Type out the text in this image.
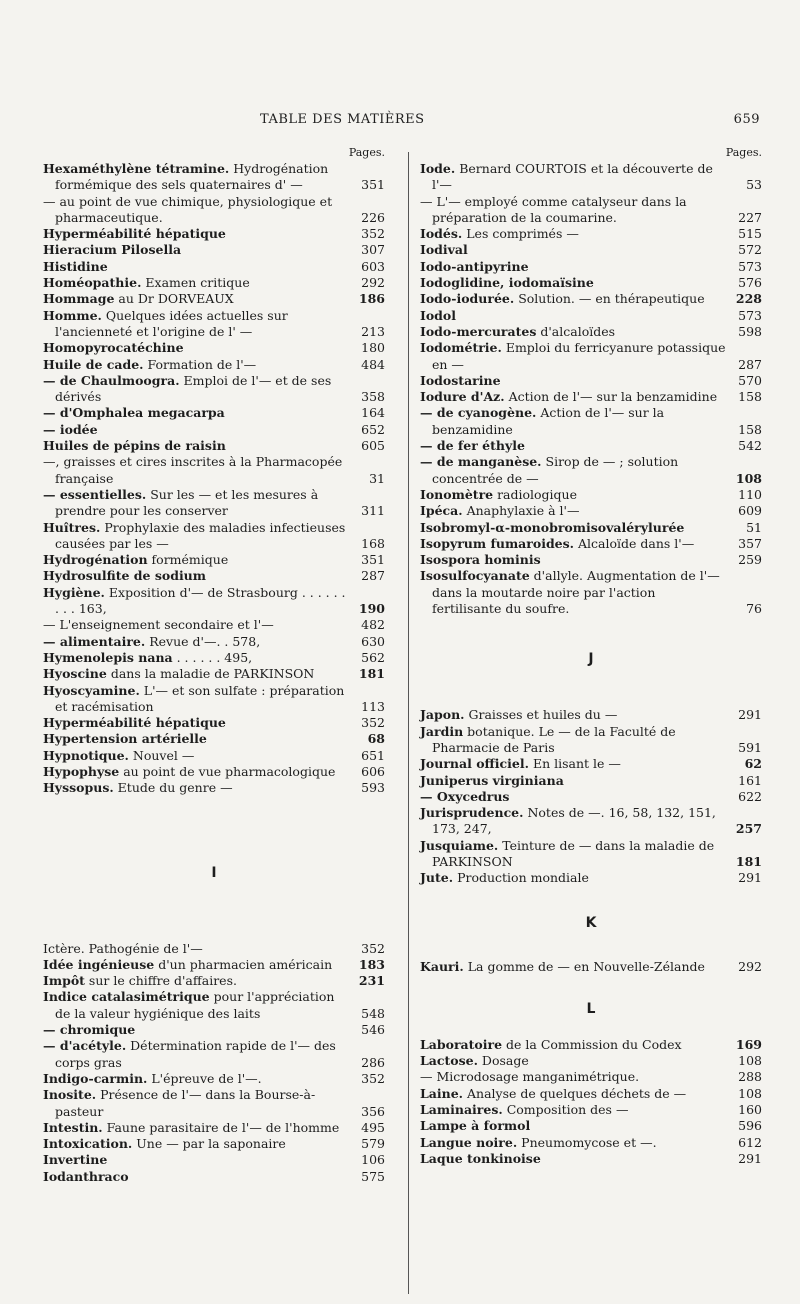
TABLE DES MATIÈRES	659
Pages.
Hexaméthylène tétramine. Hydrogénation formémique des sels quaternaires d' —	351
— au point de vue chimique, physiologique et pharmaceutique.	226
Hyperméabilité hépatique	352
Hieracium Pilosella	307
Histidine	603
Homéopathie. Examen critique	292
Hommage au Dr DORVEAUX	186
Homme. Quelques idées actuelles sur l'ancienneté et l'origine de l' —	213
Homopyrocatéchine	180
Huile de cade. Formation de l'—	484
— de Chaulmoogra. Emploi de l'— et de ses dérivés	358
— d'Omphalea megacarpa	164
— iodée	652
Huiles de pépins de raisin	605
—, graisses et cires inscrites à la Pharmacopée française	31
— essentielles. Sur les — et les mesures à prendre pour les conserver	311
Huîtres. Prophylaxie des maladies infectieuses causées par les —	168
Hydrogénation formémique	351
Hydrosulfite de sodium	287
Hygiène. Exposition d'— de Strasbourg . . . . . . . . . 163,	190
— L'enseignement secondaire et l'—	482
— alimentaire. Revue d'—. . 578,	630
Hymenolepis nana . . . . . . 495,	562
Hyoscine dans la maladie de PARKINSON	181
Hyoscyamine. L'— et son sulfate : préparation et racémisation	113
Hyperméabilité hépatique	352
Hypertension artérielle	68
Hypnotique. Nouvel —	651
Hypophyse au point de vue pharmacologique	606
Hyssopus. Etude du genre —	593
I
Ictère. Pathogénie de l'—	352
Idée ingénieuse d'un pharmacien américain	183
Impôt sur le chiffre d'affaires.	231
Indice catalasimétrique pour l'appréciation de la valeur hygiénique des laits	548
— chromique	546
— d'acétyle. Détermination rapide de l'— des corps gras	286
Indigo-carmin. L'épreuve de l'—.	352
Inosite. Présence de l'— dans la Bourse-à-pasteur	356
Intestin. Faune parasitaire de l'— de l'homme	495
Intoxication. Une — par la saponaire	579
Invertine	106
Iodanthraco	575
Pages.
Iode. Bernard COURTOIS et la découverte de l'—	53
— L'— employé comme catalyseur dans la préparation de la coumarine.	227
Iodés. Les comprimés —	515
Iodival	572
Iodo-antipyrine	573
Iodoglidine, iodomaïsine	576
Iodo-iodurée. Solution. — en thérapeutique	228
Iodol	573
Iodo-mercurates d'alcaloïdes	598
Iodométrie. Emploi du ferricyanure potassique en —	287
Iodostarine	570
Iodure d'Az. Action de l'— sur la benzamidine	158
— de cyanogène. Action de l'— sur la benzamidine	158
— de fer éthyle	542
— de manganèse. Sirop de — ; solution concentrée de —	108
Ionomètre radiologique	110
Ipéca. Anaphylaxie à l'—	609
Isobromyl-α-monobromisovalérylurée	51
Isopyrum fumaroides. Alcaloïde dans l'—	357
Isospora hominis	259
Isosulfocyanate d'allyle. Augmentation de l'— dans la moutarde noire par l'action fertilisante du soufre.	76
J
Japon. Graisses et huiles du —	291
Jardin botanique. Le — de la Faculté de Pharmacie de Paris	591
Journal officiel. En lisant le —	62
Juniperus virginiana	161
— Oxycedrus	622
Jurisprudence. Notes de —. 16, 58, 132, 151, 173, 247,	257
Jusquiame. Teinture de — dans la maladie de PARKINSON	181
Jute. Production mondiale	291
K
Kauri. La gomme de — en Nouvelle-Zélande	292
L
Laboratoire de la Commission du Codex	169
Lactose. Dosage	108
— Microdosage manganimétrique.	288
Laine. Analyse de quelques déchets de —	108
Laminaires. Composition des —	160
Lampe à formol	596
Langue noire. Pneumomycose et —.	612
Laque tonkinoise	291
